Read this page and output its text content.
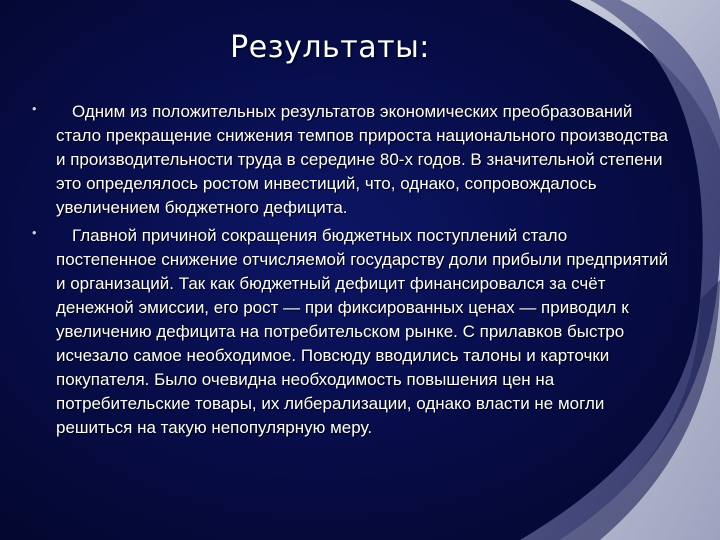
Результаты:
•	Одним из положительных результатов экономических преобразований стало прекращение снижения темпов прироста национального производства и производительности труда в середине 80-х годов. В значительной степени это определялось ростом инвестиций, что, однако, сопровождалось увеличением бюджетного дефицита.
•	Главной причиной сокращения бюджетных поступлений стало постепенное снижение отчисляемой государству доли прибыли предприятий и организаций. Так как бюджетный дефицит финансировался за счёт денежной эмиссии, его рост — при фиксированных ценах — приводил к увеличению дефицита на потребительском рынке. С прилавков быстро исчезало самое необходимое. Повсюду вводились талоны и карточки покупателя. Было очевидна необходимость повышения цен на потребительские товары, их либерализации, однако власти не могли решиться на такую непопулярную меру.
